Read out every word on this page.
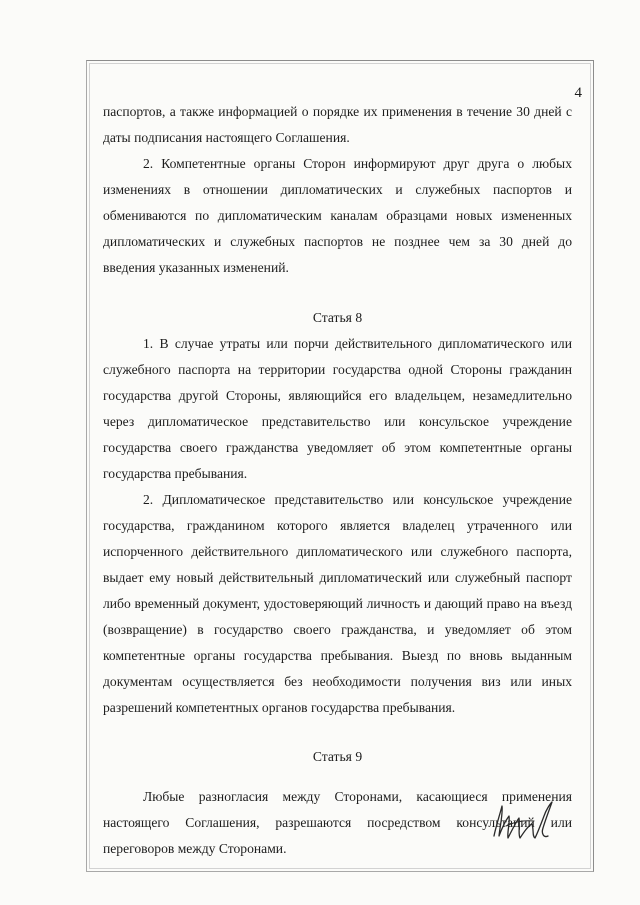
4

паспортов, а также информацией о порядке их применения в течение 30 дней с даты подписания настоящего Соглашения.

2. Компетентные органы Сторон информируют друг друга о любых изменениях в отношении дипломатических и служебных паспортов и обмениваются по дипломатическим каналам образцами новых измененных дипломатических и служебных паспортов не позднее чем за 30 дней до введения указанных изменений.

Статья 8

1. В случае утраты или порчи действительного дипломатического или служебного паспорта на территории государства одной Стороны гражданин государства другой Стороны, являющийся его владельцем, незамедлительно через дипломатическое представительство или консульское учреждение государства своего гражданства уведомляет об этом компетентные органы государства пребывания.

2. Дипломатическое представительство или консульское учреждение государства, гражданином которого является владелец утраченного или испорченного действительного дипломатического или служебного паспорта, выдает ему новый действительный дипломатический или служебный паспорт либо временный документ, удостоверяющий личность и дающий право на въезд (возвращение) в государство своего гражданства, и уведомляет об этом компетентные органы государства пребывания. Выезд по вновь выданным документам осуществляется без необходимости получения виз или иных разрешений компетентных органов государства пребывания.

Статья 9

Любые разногласия между Сторонами, касающиеся применения настоящего Соглашения, разрешаются посредством консультаций или переговоров между Сторонами.
